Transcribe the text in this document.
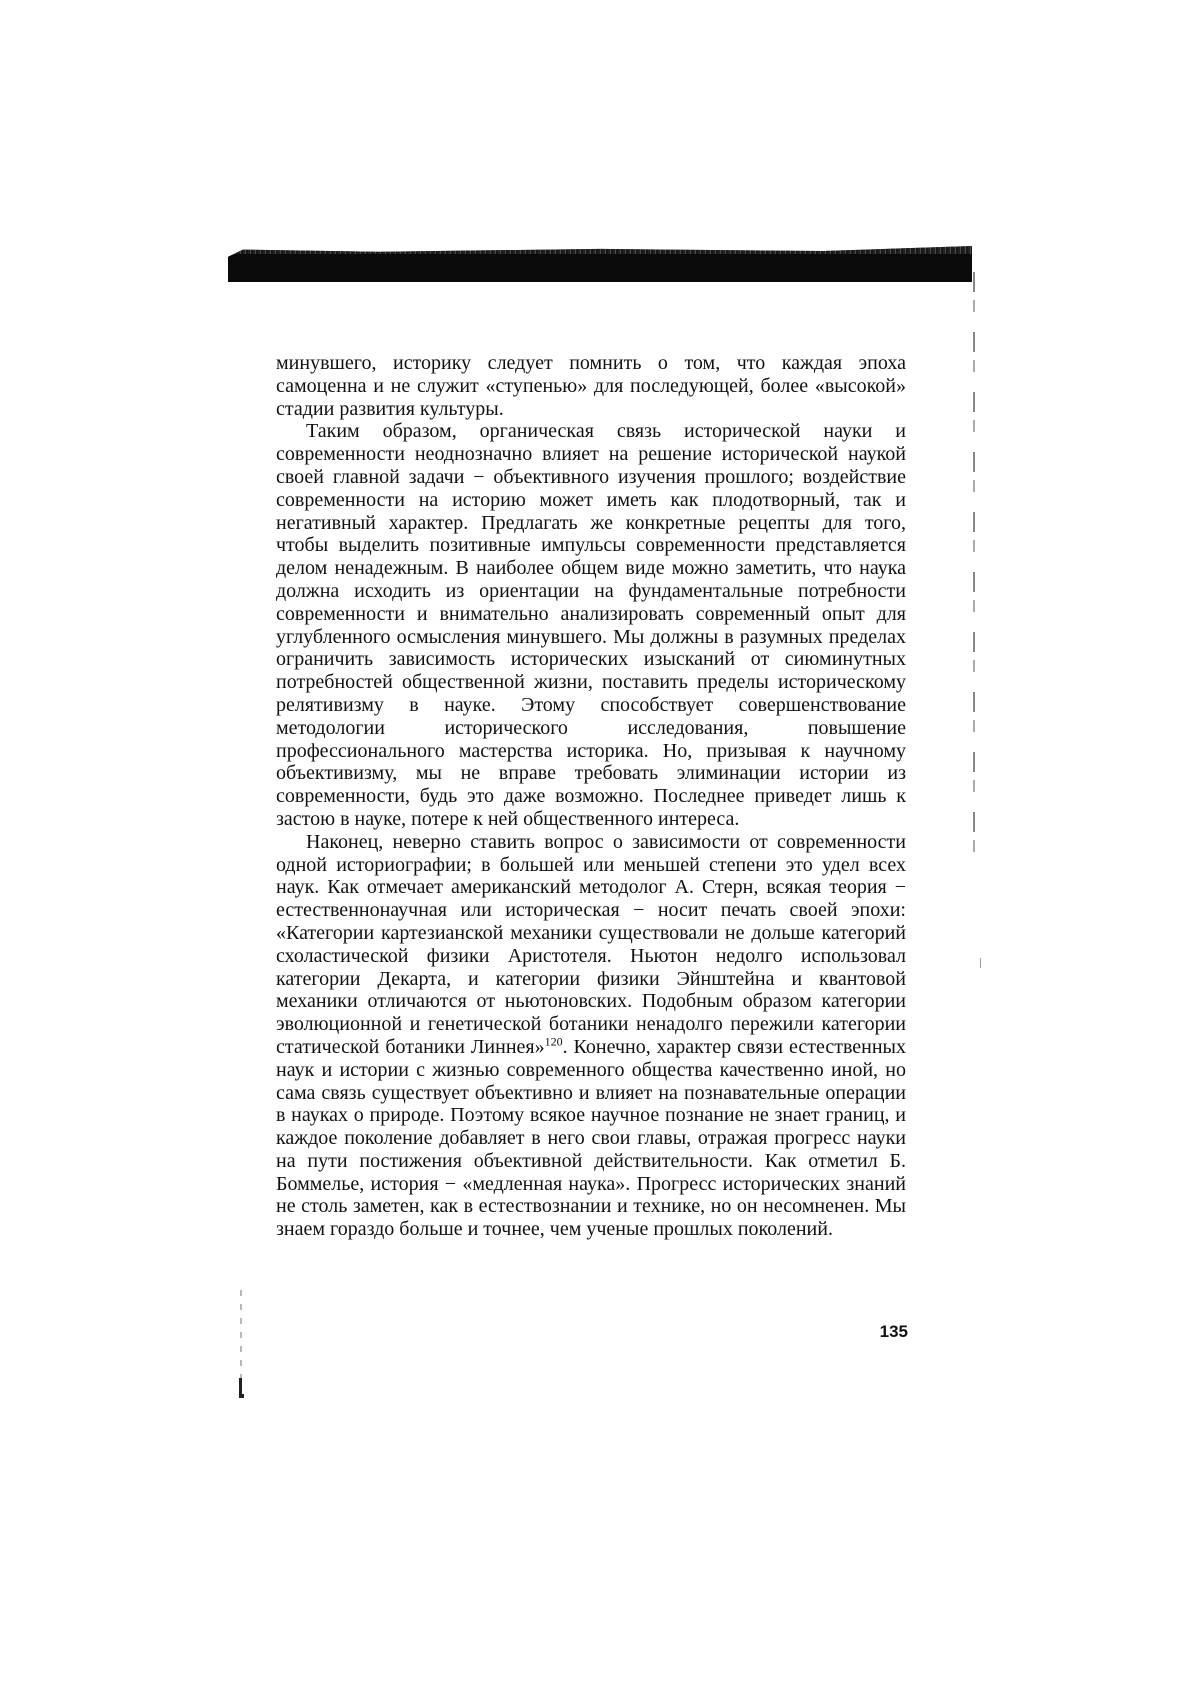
минувшего, историку следует помнить о том, что каждая эпоха самоценна и не служит «ступенью» для последующей, более «высокой» стадии развития культуры.

Таким образом, органическая связь исторической науки и современности неоднозначно влияет на решение исторической наукой своей главной задачи − объективного изучения прошлого; воздействие современности на историю может иметь как плодотворный, так и негативный характер. Предлагать же конкретные рецепты для того, чтобы выделить позитивные импульсы современности представляется делом ненадежным. В наиболее общем виде можно заметить, что наука должна исходить из ориентации на фундаментальные потребности современности и внимательно анализировать современный опыт для углубленного осмысления минувшего. Мы должны в разумных пределах ограничить зависимость исторических изысканий от сиюминутных потребностей общественной жизни, поставить пределы историческому релятивизму в науке. Этому способствует совершенствование методологии исторического исследования, повышение профессионального мастерства историка. Но, призывая к научному объективизму, мы не вправе требовать элиминации истории из современности, будь это даже возможно. Последнее приведет лишь к застою в науке, потере к ней общественного интереса.

Наконец, неверно ставить вопрос о зависимости от современности одной историографии; в большей или меньшей степени это удел всех наук. Как отмечает американский методолог А. Стерн, всякая теория − естественнонаучная или историческая − носит печать своей эпохи: «Категории картезианской механики существовали не дольше категорий схоластической физики Аристотеля. Ньютон недолго использовал категории Декарта, и категории физики Эйнштейна и квантовой механики отличаются от ньютоновских. Подобным образом категории эволюционной и генетической ботаники ненадолго пережили категории статической ботаники Линнея»$^{120}$. Конечно, характер связи естественных наук и истории с жизнью современного общества качественно иной, но сама связь существует объективно и влияет на познавательные операции в науках о природе. Поэтому всякое научное познание не знает границ, и каждое поколение добавляет в него свои главы, отражая прогресс науки на пути постижения объективной действительности. Как отметил Б. Боммелье, история − «медленная наука». Прогресс исторических знаний не столь заметен, как в естествознании и технике, но он несомненен. Мы знаем гораздо больше и точнее, чем ученые прошлых поколений.

135
